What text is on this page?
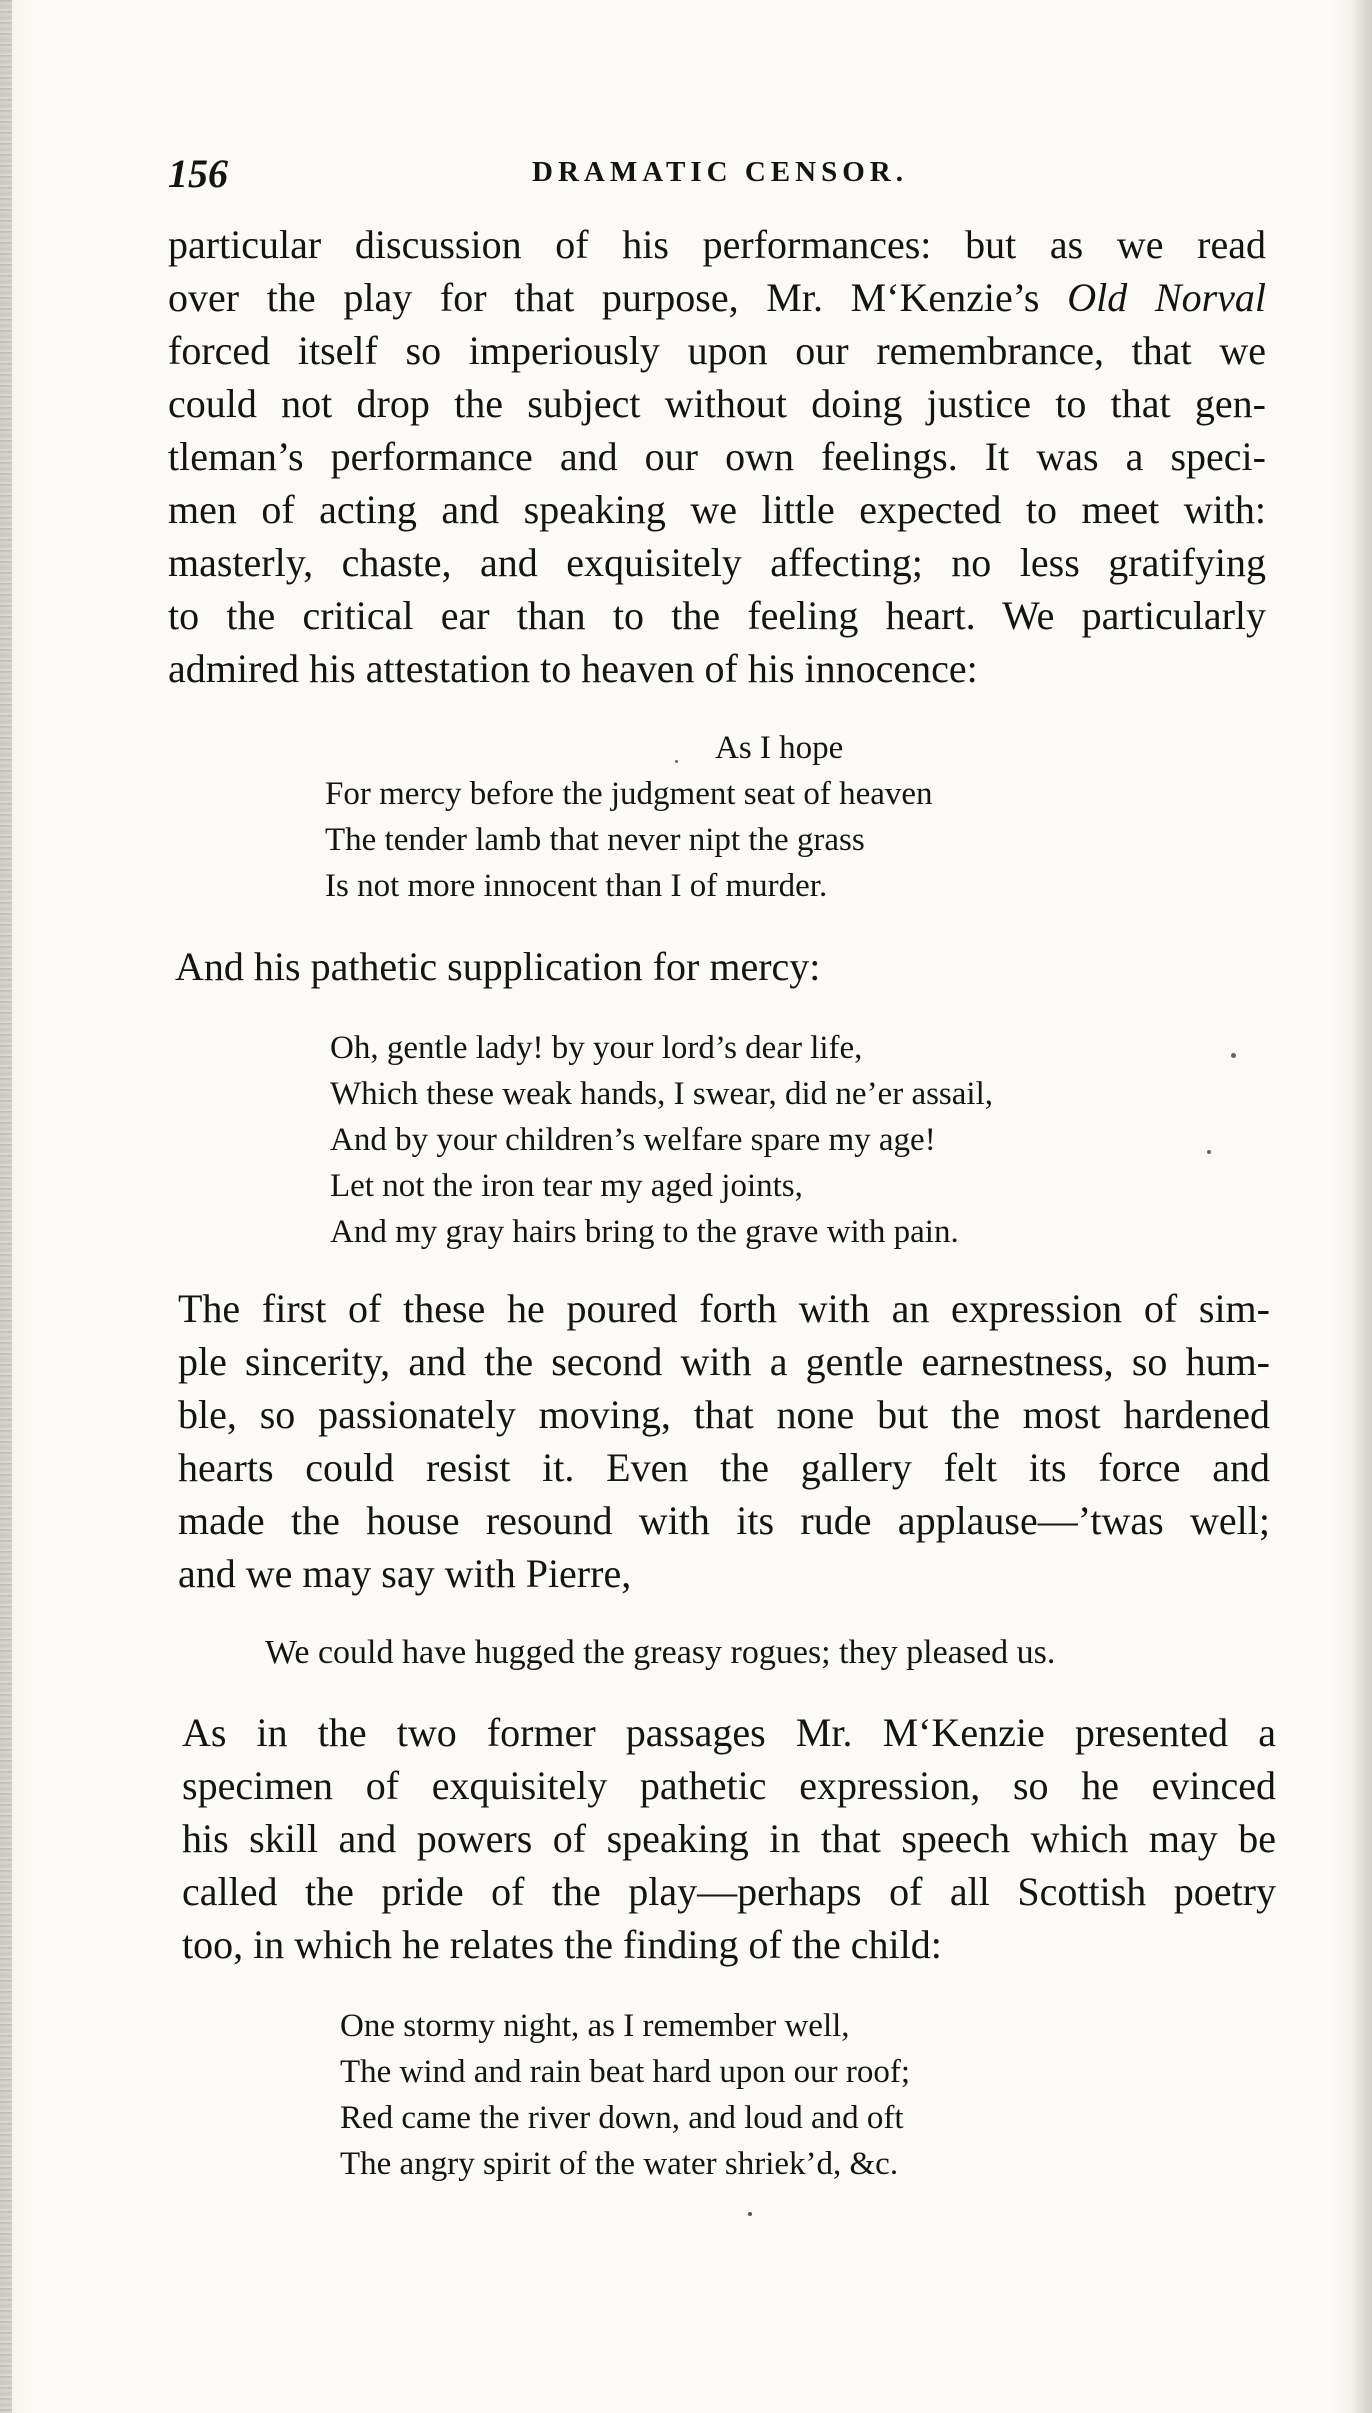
156	DRAMATIC CENSOR.
particular discussion of his performances: but as we read
over the play for that purpose, Mr. M‘Kenzie’s Old Norval
forced itself so imperiously upon our remembrance, that we
could not drop the subject without doing justice to that gen-
tleman’s performance and our own feelings. It was a speci-
men of acting and speaking we little expected to meet with:
masterly, chaste, and exquisitely affecting; no less gratifying
to the critical ear than to the feeling heart. We particularly
admired his attestation to heaven of his innocence:
As I hope
For mercy before the judgment seat of heaven
The tender lamb that never nipt the grass
Is not more innocent than I of murder.
And his pathetic supplication for mercy:
Oh, gentle lady! by your lord’s dear life,
Which these weak hands, I swear, did ne’er assail,
And by your children’s welfare spare my age!
Let not the iron tear my aged joints,
And my gray hairs bring to the grave with pain.
The first of these he poured forth with an expression of sim-
ple sincerity, and the second with a gentle earnestness, so hum-
ble, so passionately moving, that none but the most hardened
hearts could resist it. Even the gallery felt its force and
made the house resound with its rude applause—’twas well;
and we may say with Pierre,
We could have hugged the greasy rogues; they pleased us.
As in the two former passages Mr. M‘Kenzie presented a
specimen of exquisitely pathetic expression, so he evinced
his skill and powers of speaking in that speech which may be
called the pride of the play—perhaps of all Scottish poetry
too, in which he relates the finding of the child:
One stormy night, as I remember well,
The wind and rain beat hard upon our roof;
Red came the river down, and loud and oft
The angry spirit of the water shriek’d, &c.
